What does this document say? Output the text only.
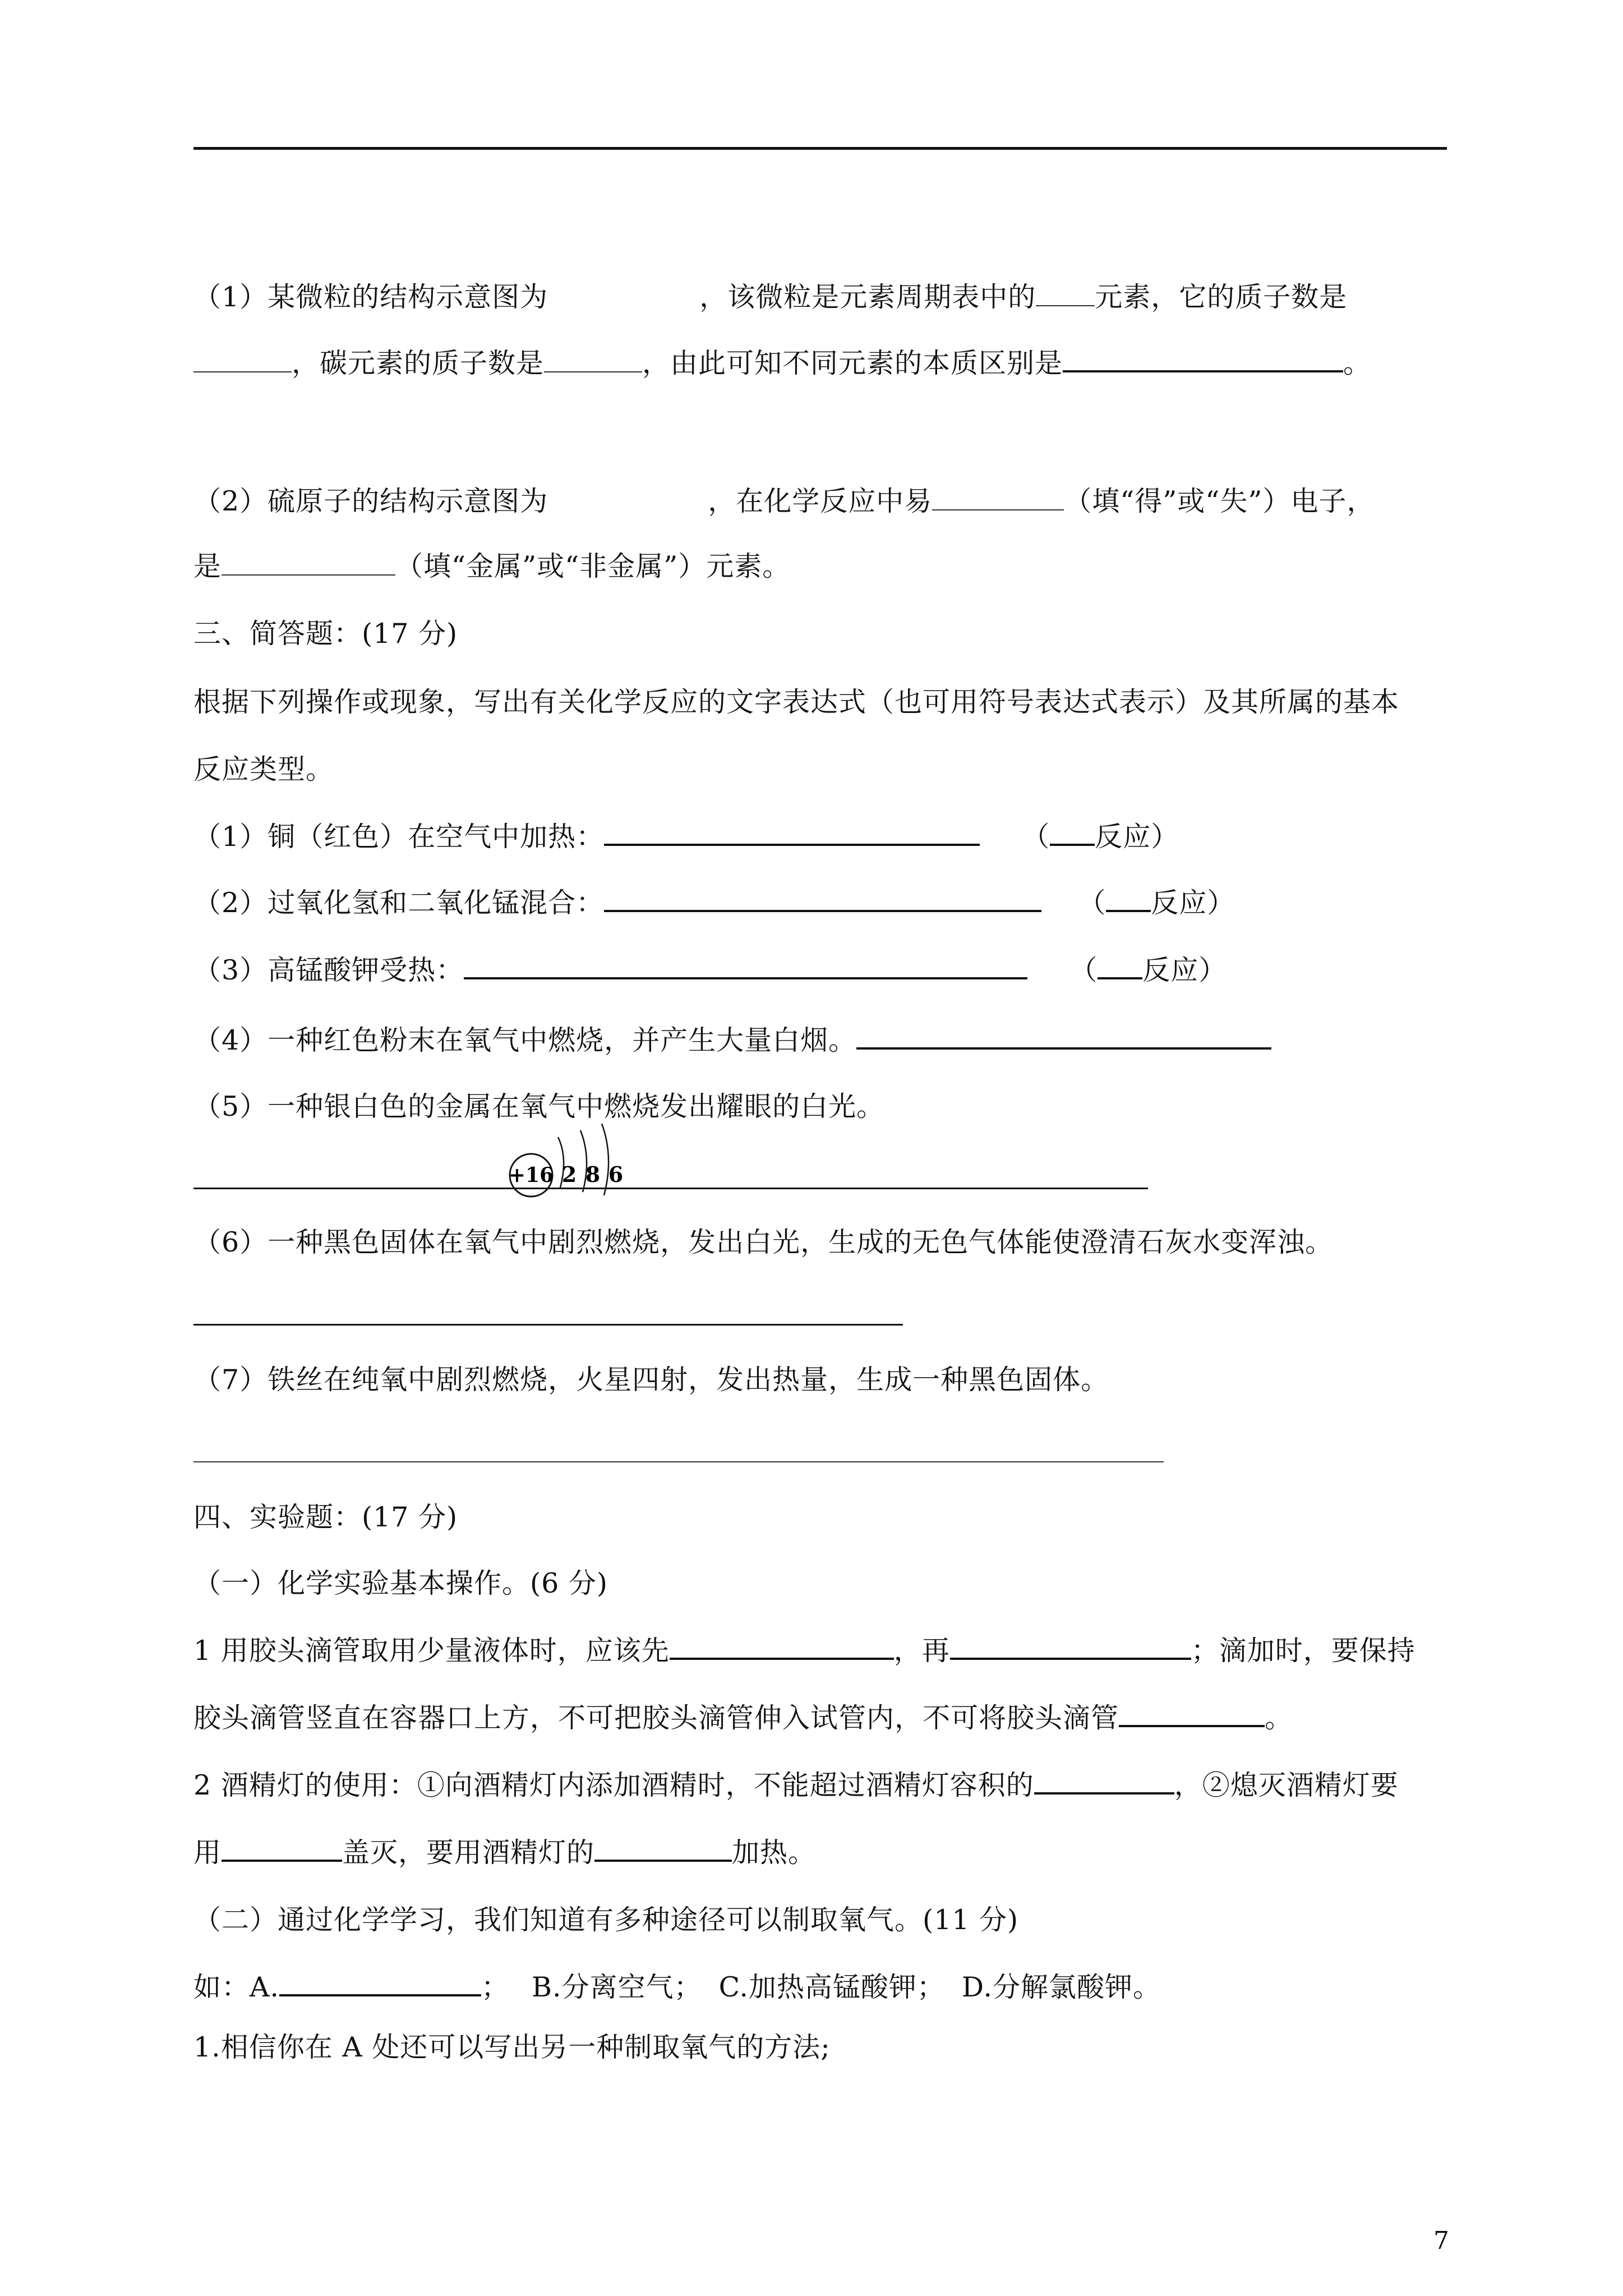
（1）某微粒的结构示意图为	，该微粒是元素周期表中的 元素，它的质子数是
，碳元素的质子数是	，由此可知不同元素的本质区别是	。
（2）硫原子的结构示意图为	，在化学反应中易	（填“得”或“失”）电子，
是	（填“金属”或“非金属”）元素。
三、简答题：(17 分)
根据下列操作或现象，写出有关化学反应的文字表达式（也可用符号表达式表示）及其所属的基本
反应类型。
（1）铜（红色）在空气中加热：	（ 反应）
（2）过氧化氢和二氧化锰混合：	（ 反应）
（3）高锰酸钾受热：	（ 反应）
（4）一种红色粉末在氧气中燃烧，并产生大量白烟。
（5）一种银白色的金属在氧气中燃烧发出耀眼的白光。
+16 2 8 6
（6）一种黑色固体在氧气中剧烈燃烧，发出白光，生成的无色气体能使澄清石灰水变浑浊。
（7）铁丝在纯氧中剧烈燃烧，火星四射，发出热量，生成一种黑色固体。
四、实验题：(17 分)
（一）化学实验基本操作。(6 分)
1 用胶头滴管取用少量液体时，应该先	，再	；滴加时，要保持
胶头滴管竖直在容器口上方，不可把胶头滴管伸入试管内，不可将胶头滴管	。
2 酒精灯的使用：①向酒精灯内添加酒精时，不能超过酒精灯容积的	，②熄灭酒精灯要
用	盖灭，要用酒精灯的	加热。
（二）通过化学学习，我们知道有多种途径可以制取氧气。(11 分)
如：A.	； B.分离空气； C.加热高锰酸钾； D.分解氯酸钾。
1.相信你在 A 处还可以写出另一种制取氧气的方法;
7
